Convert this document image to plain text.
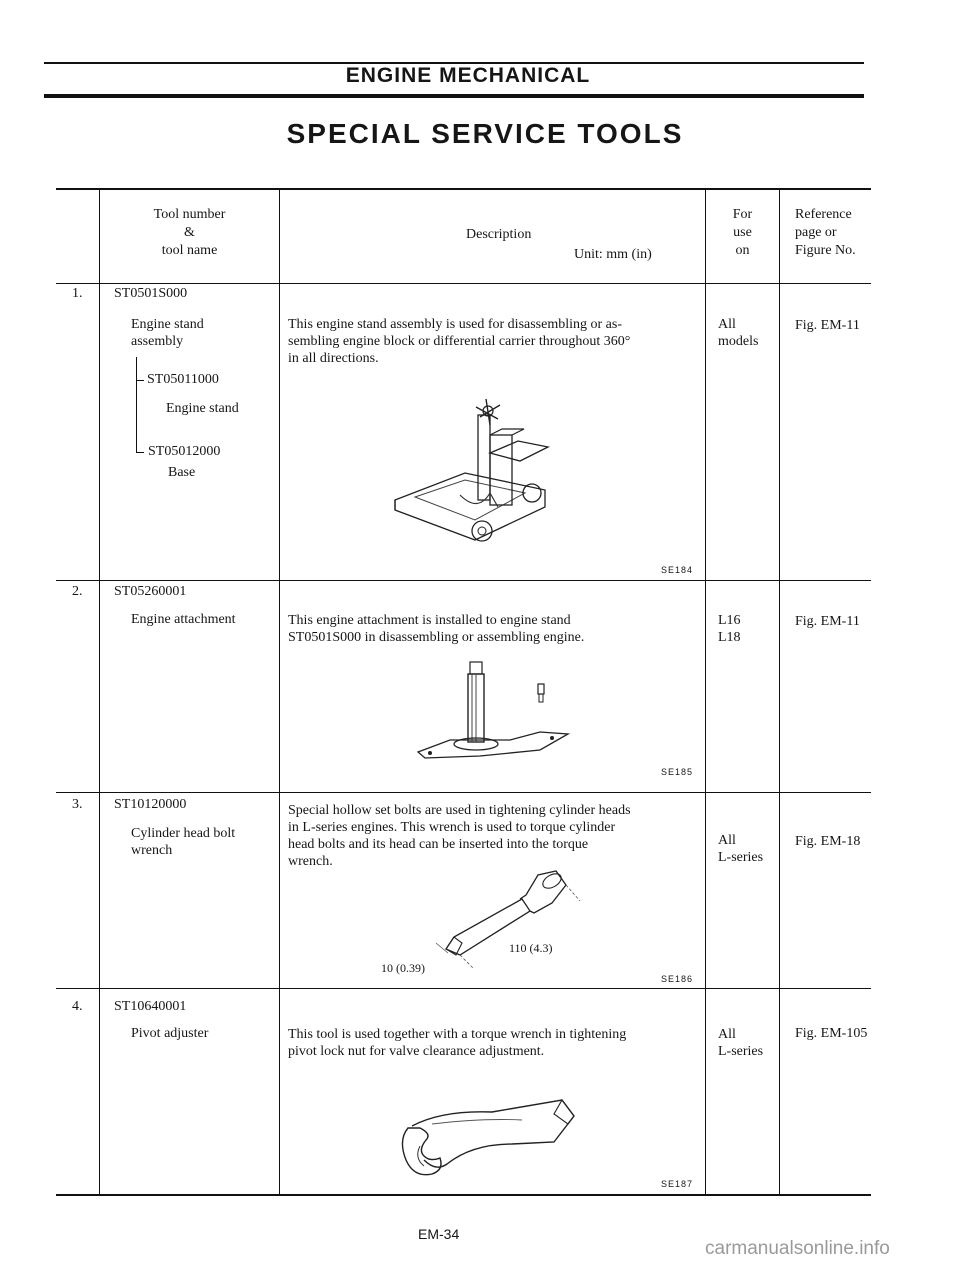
ENGINE MECHANICAL
SPECIAL SERVICE TOOLS
Tool number
&
tool name
Description
Unit: mm (in)
For
use
on
Reference
page or
Figure No.
1. ST0501S000
Engine stand
assembly
ST05011000
Engine stand
ST05012000
Base
This engine stand assembly is used for disassembling or as-
sembling engine block or differential carrier throughout 360°
in all directions.
SE184
All
models
Fig. EM-11
2. ST05260001
Engine attachment	This engine attachment is installed to engine stand
ST0501S000 in disassembling or assembling engine.
SE185
L16
L18
Fig. EM-11
3. ST10120000
Cylinder head bolt
wrench
Special hollow set bolts are used in tightening cylinder heads
in L-series engines. This wrench is used to torque cylinder
head bolts and its head can be inserted into the torque
wrench.
110 (4.3)
10 (0.39)
SE186
All
L-series
Fig. EM-18
4. ST10640001
Pivot adjuster	This tool is used together with a torque wrench in tightening
pivot lock nut for valve clearance adjustment.
SE187
All
L-series
Fig. EM-105
EM-34
carmanualsonline.info
